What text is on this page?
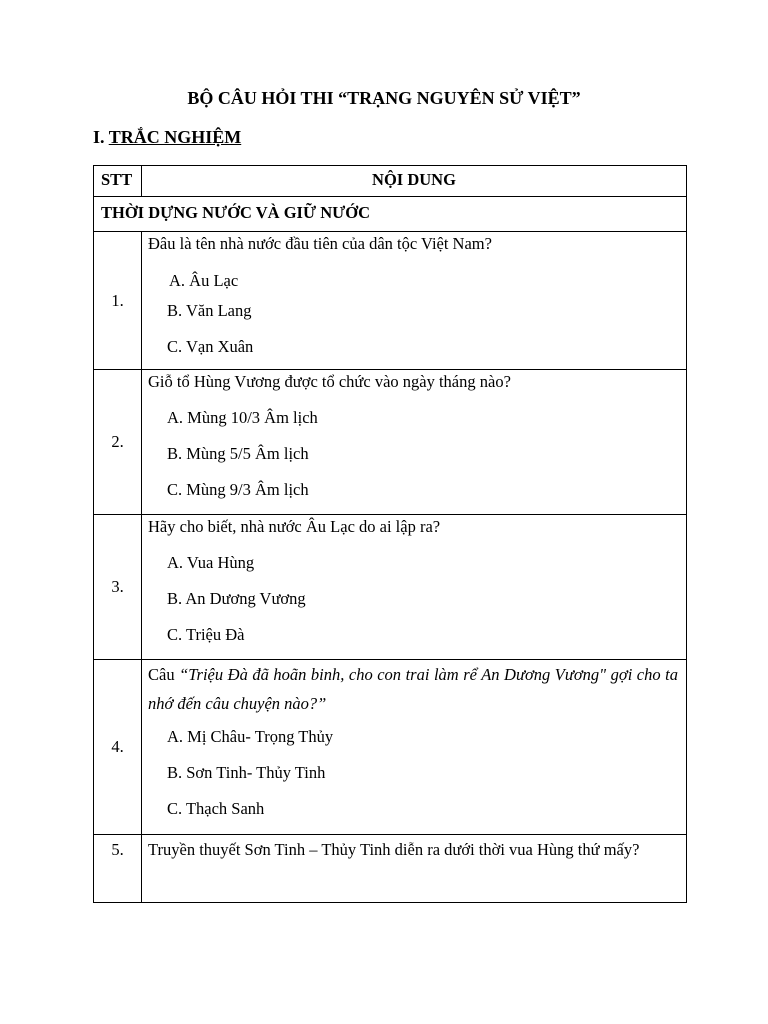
BỘ CÂU HỎI THI “TRẠNG NGUYÊN SỬ VIỆT”
I. TRẮC NGHIỆM
STT	NỘI DUNG
THỜI DỰNG NƯỚC VÀ GIỮ NƯỚC	
1.	Đâu là tên nhà nước đầu tiên của dân tộc Việt Nam?
A. Âu Lạc
B. Văn Lang
C. Vạn Xuân

2.	Giỗ tổ Hùng Vương được tổ chức vào ngày tháng nào?
A. Mùng 10/3 Âm lịch
B. Mùng 5/5 Âm lịch
C. Mùng 9/3 Âm lịch

3.	Hãy cho biết, nhà nước Âu Lạc do ai lập ra?
A. Vua Hùng
B. An Dương Vương
C. Triệu Đà

4.	Câu “Triệu Đà đã hoãn binh, cho con trai làm rể An Dương Vương" gợi cho ta nhớ đến câu chuyện nào?”
A. Mị Châu- Trọng Thủy
B. Sơn Tinh- Thủy Tinh
C. Thạch Sanh

5.	Truyền thuyết Sơn Tinh – Thủy Tinh diễn ra dưới thời vua Hùng thứ mấy?
